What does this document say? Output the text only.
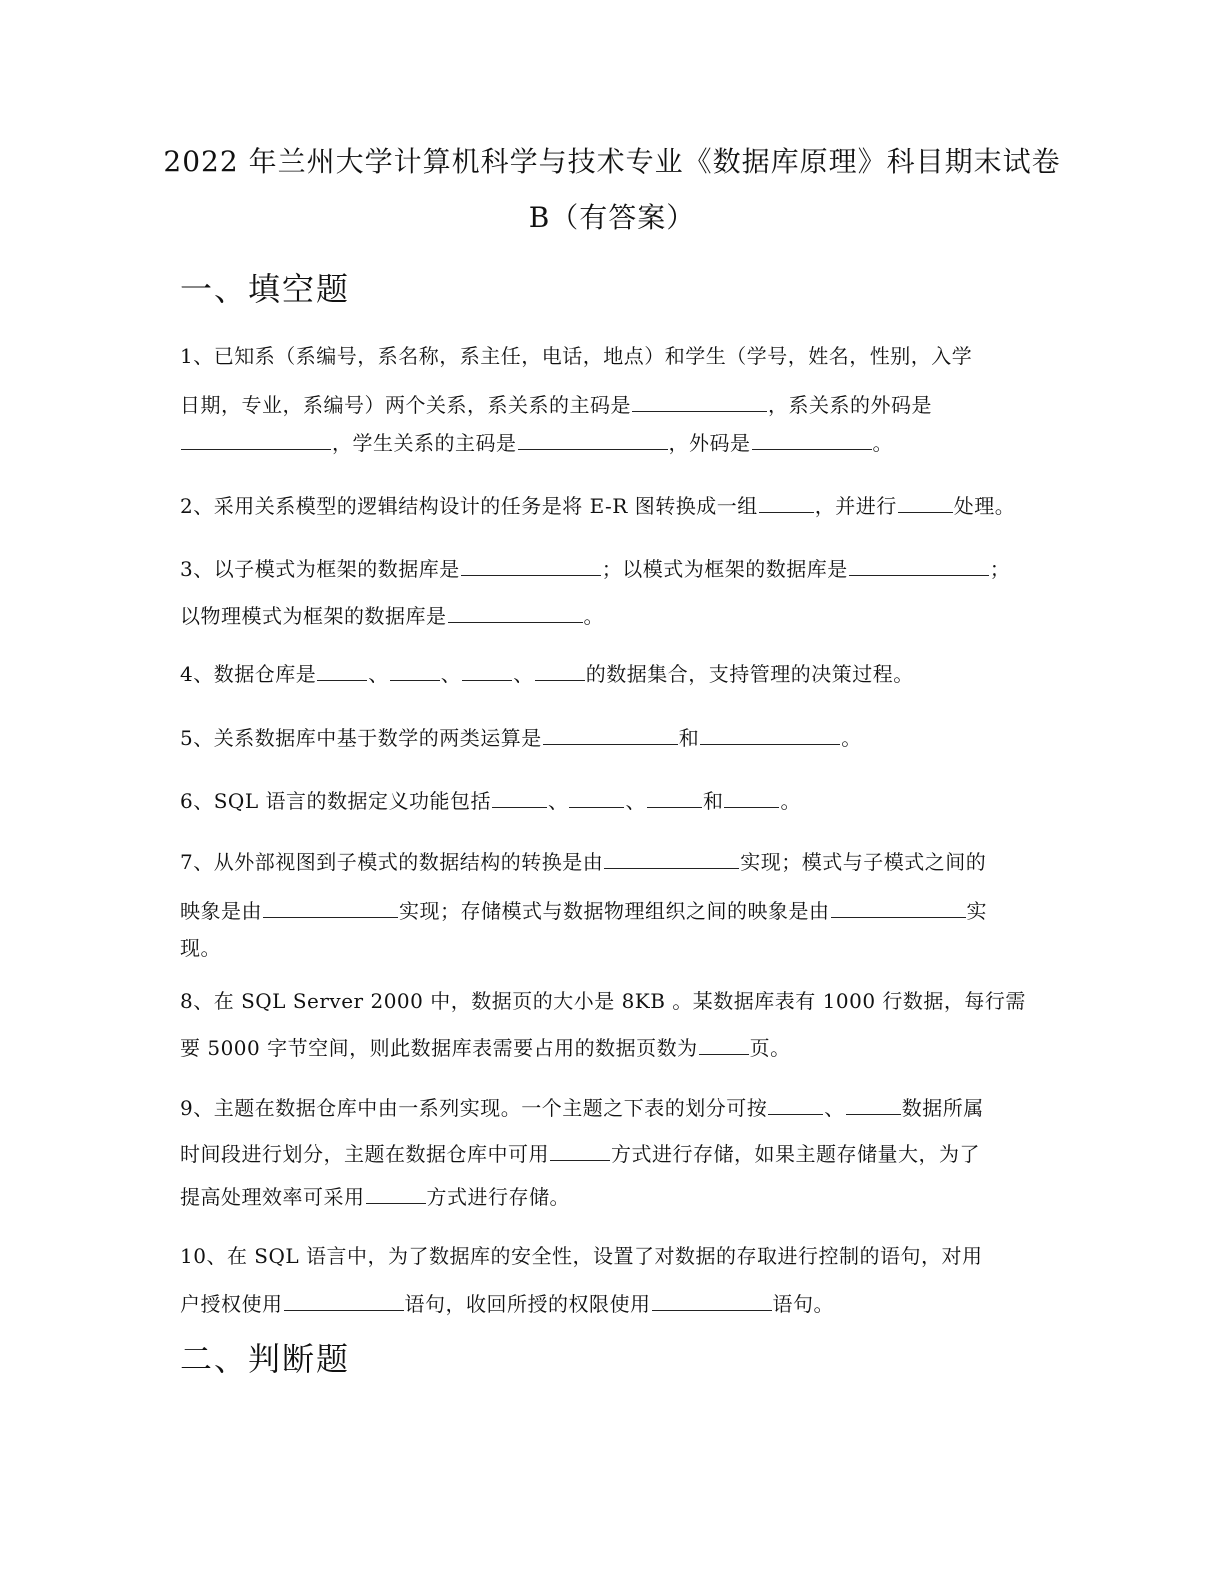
2022 年兰州大学计算机科学与技术专业《数据库原理》科目期末试卷
B（有答案）
一、填空题
1、已知系（系编号，系名称，系主任，电话，地点）和学生（学号，姓名，性别，入学
日期，专业，系编号）两个关系，系关系的主码是	，系关系的外码是
，学生关系的主码是	，外码是	。
2、采用关系模型的逻辑结构设计的任务是将 E-R 图转换成一组	，并进行	处理。
3、以子模式为框架的数据库是	；以模式为框架的数据库是	；
以物理模式为框架的数据库是	。
4、数据仓库是	、	、	、	的数据集合，支持管理的决策过程。
5、关系数据库中基于数学的两类运算是	和	。
6、SQL 语言的数据定义功能包括	、	、	和	。
7、从外部视图到子模式的数据结构的转换是由	实现；模式与子模式之间的
映象是由	实现；存储模式与数据物理组织之间的映象是由	实
现。
8、在 SQL Server 2000 中，数据页的大小是 8KB 。某数据库表有 1000 行数据，每行需
要 5000 字节空间，则此数据库表需要占用的数据页数为	页。
9、主题在数据仓库中由一系列实现。一个主题之下表的划分可按	、	数据所属
时间段进行划分，主题在数据仓库中可用	方式进行存储，如果主题存储量大，为了
提高处理效率可采用	方式进行存储。
10、在 SQL 语言中，为了数据库的安全性，设置了对数据的存取进行控制的语句，对用
户授权使用	语句，收回所授的权限使用	语句。
二、判断题
